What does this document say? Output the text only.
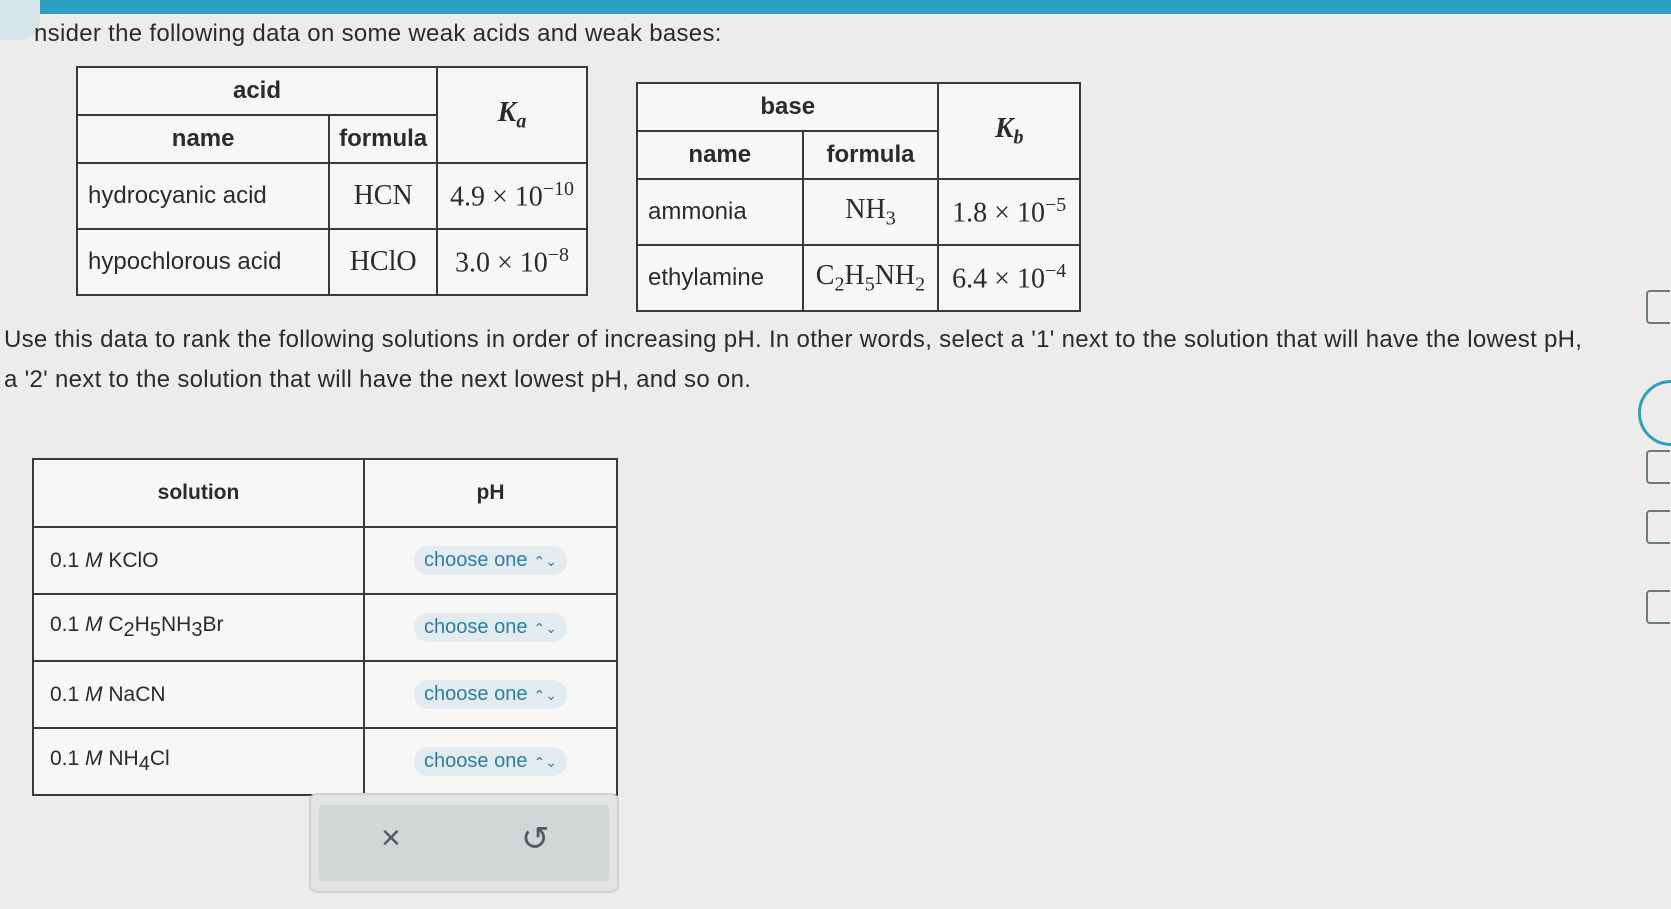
nsider the following data on some weak acids and weak bases:
acid		$K_a$
name	formula	
hydrocyanic acid	HCN	$4.9 \times 10^{-10}$
hypochlorous acid	HClO	$3.0 \times 10^{-8}$
base		$K_b$
name	formula	
ammonia	$NH_3$	$1.8 \times 10^{-5}$
ethylamine	$C_2H_5NH_2$	$6.4 \times 10^{-4}$
Use this data to rank the following solutions in order of increasing pH. In other words, select a '1' next to the solution that will have the lowest pH, a '2' next to the solution that will have the next lowest pH, and so on.
solution	pH
0.1 M KClO	choose one ⌃⌄
0.1 M $C_2H_5NH_3Br$	choose one ⌃⌄
0.1 M NaCN	choose one ⌃⌄
0.1 M $NH_4Cl$	choose one ⌃⌄
×	↺
